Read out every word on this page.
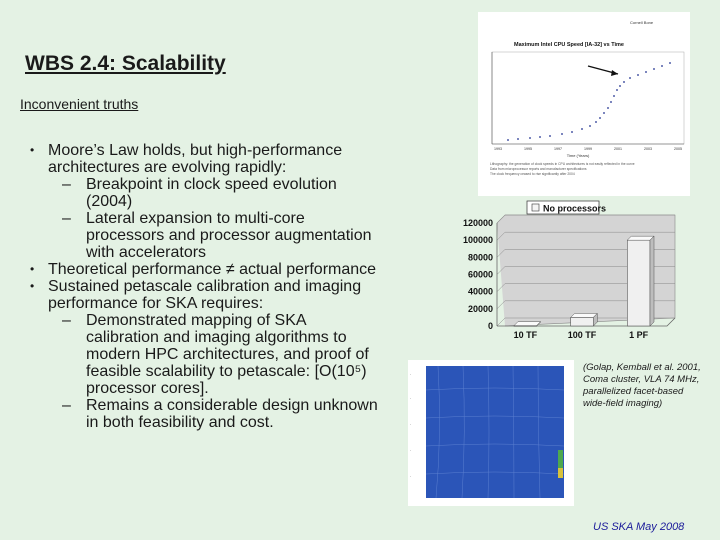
WBS 2.4: Scalability
Inconvenient truths
• Moore’s Law holds, but high-performance architectures are evolving rapidly:
– Breakpoint in clock speed evolution (2004)
– Lateral expansion to multi-core processors and processor augmentation with accelerators
• Theoretical performance ≠ actual performance
• Sustained petascale calibration and imaging performance for SKA requires:
– Demonstrated mapping of SKA calibration and imaging algorithms to modern HPC architectures, and proof of feasible scalability to petascale: [O(10⁵) processor cores].
– Remains a considerable design unknown in both feasibility and cost.
Cornell Bone
Maximum Intel CPU Speed [IA-32] vs Time
1993	1995	1997	1999	2001	2003	2005
Time (Years)
Lithography: the generation of clock speeds in CPU architectures is not easily reflected in the curve
Data from microprocessor reports and manufacturer specifications
The clock frequency ceased to rise significantly after 2004
No processors
0
20000
40000
60000
80000
100000
120000
10 TF	100 TF	1 PF
·
·
·
·
·
(Golap, Kemball et al. 2001, Coma cluster, VLA 74 MHz, parallelized facet-based wide-field imaging)
US SKA May 2008
